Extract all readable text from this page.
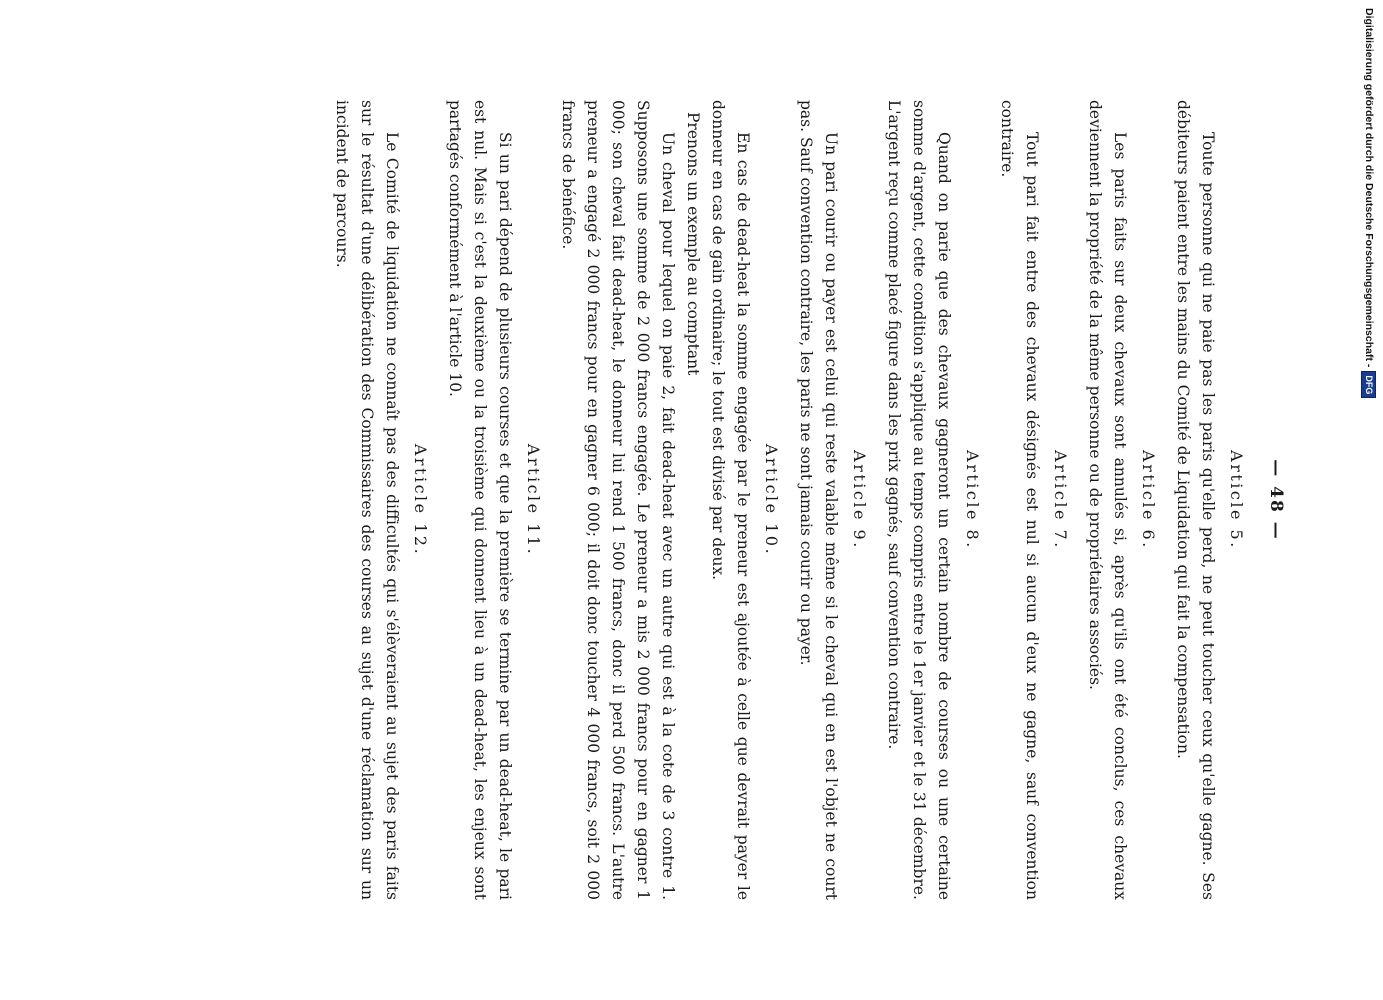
— 48 —
Article 5.

Toute personne qui ne paie pas les paris qu'elle perd, ne peut toucher ceux qu'elle gagne. Ses débiteurs paient entre les mains du Comité de Liquidation qui fait la compensation.

Article 6.

Les paris faits sur deux chevaux sont annulés si, après qu'ils ont été conclus, ces chevaux deviennent la propriété de la même personne ou de propriétaires associés.

Article 7.

Tout pari fait entre des chevaux désignés est nul si aucun d'eux ne gagne, sauf convention contraire.

Article 8.

Quand on parie que des chevaux gagneront un certain nombre de courses ou une certaine somme d'argent, cette condition s'applique au temps compris entre le 1er janvier et le 31 décembre. L'argent reçu comme placé figure dans les prix gagnés, sauf convention contraire.

Article 9.

Un pari courir ou payer est celui qui reste valable même si le cheval qui en est l'objet ne court pas. Sauf convention contraire, les paris ne sont jamais courir ou payer.

Article 10.

En cas de dead-heat la somme engagée par le preneur est ajoutée à celle que devrait payer le donneur en cas de gain ordinaire; le tout est divisé par deux.

Prenons un exemple au comptant

Un cheval pour lequel on paie 2, fait dead-heat avec un autre qui est à la cote de 3 contre 1. Supposons une somme de 2 000 francs engagée. Le preneur a mis 2 000 francs pour en gagner 1 000; son cheval fait dead-heat, le donneur lui rend 1 500 francs, donc il perd 500 francs. L'autre preneur a engagé 2 000 francs pour en gagner 6 000; il doit donc toucher 4 000 francs, soit 2 000 francs de bénéfice.

Article 11.

Si un pari dépend de plusieurs courses et que la première se termine par un dead-heat, le pari est nul. Mais si c'est la deuxième ou la troisième qui donnent lieu à un dead-heat, les enjeux sont partagés conformément à l'article 10.

Article 12.

Le Comité de liquidation ne connaît pas des difficultés qui s'élèveraient au sujet des paris faits sur le résultat d'une délibération des Commissaires des courses au sujet d'une réclamation sur un incident de parcours.	Digitalisierung gefördert durch die Deutsche Forschungsgemeinschaft -
DFG
